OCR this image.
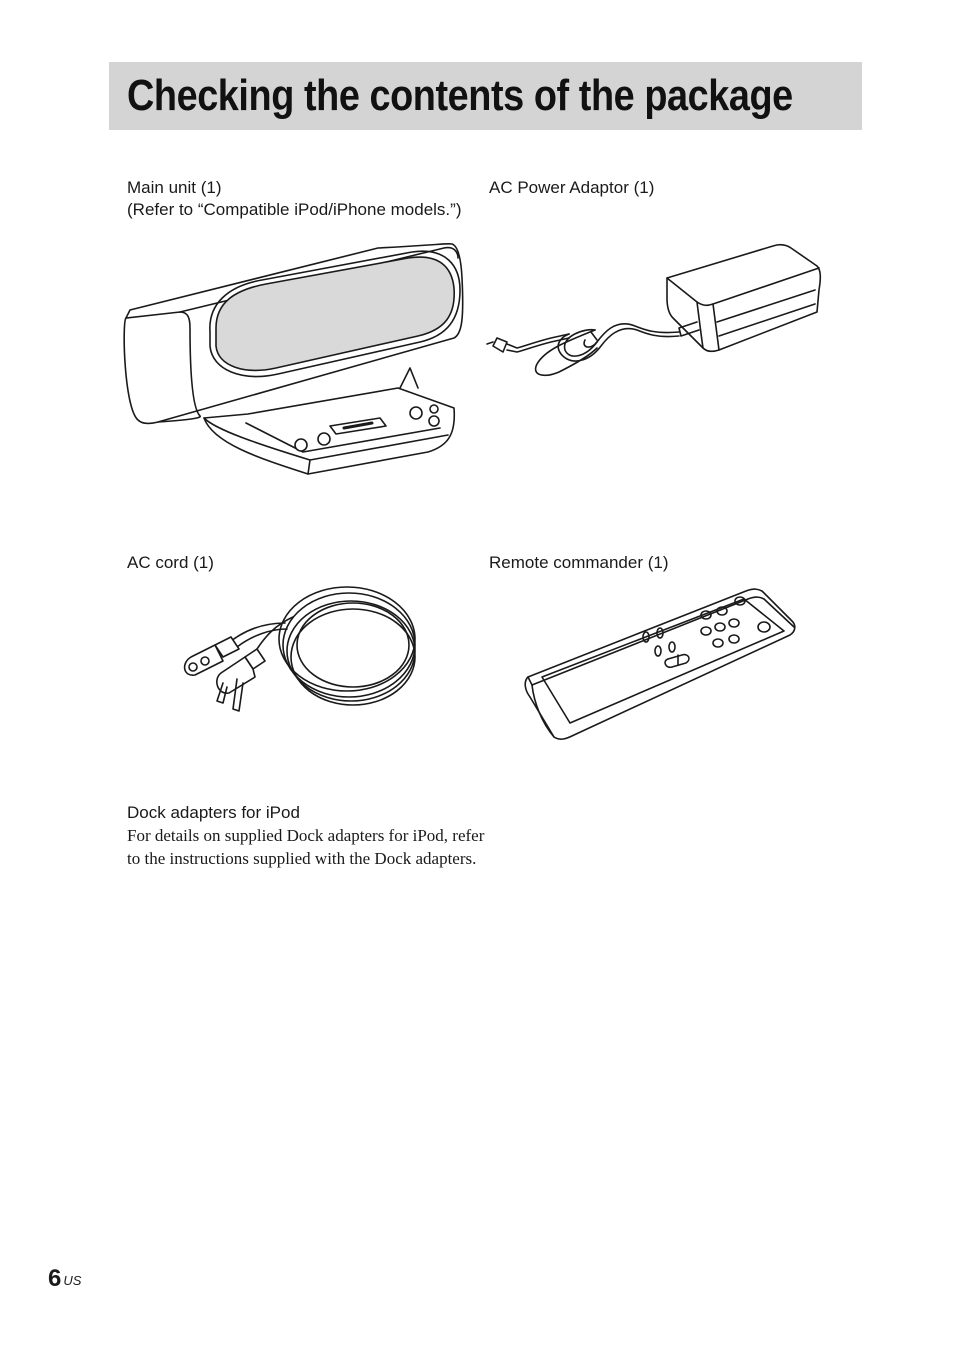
Checking the contents of the package
Main unit (1)
(Refer to “Compatible iPod/iPhone models.”)
AC Power Adaptor (1)
AC cord (1)	Remote commander (1)
Dock adapters for iPod
For details on supplied Dock adapters for iPod, refer to the instructions supplied with the Dock adapters.
6 $^{US}$
